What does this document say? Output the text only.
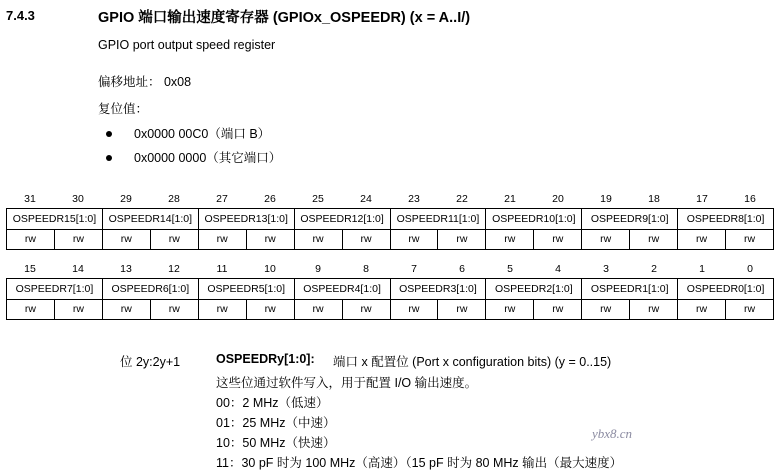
7.4.3	GPIO 端口输出速度寄存器 (GPIOx_OSPEEDR) (x = A..I/)
GPIO port output speed register
偏移地址： 0x08
复位值：
0x0000 00C0（端口 B）
0x0000 0000（其它端口）
31	30	29	28	27	26	25	24	23	22	21	20	19	18	17	16
OSPEEDR15[1:0]	OSPEEDR14[1:0]	OSPEEDR13[1:0]	OSPEEDR12[1:0]	OSPEEDR11[1:0]	OSPEEDR10[1:0]	OSPEEDR9[1:0]	OSPEEDR8[1:0]
rw	rw	rw	rw	rw	rw	rw	rw	rw	rw	rw	rw	rw	rw	rw	rw
15	14	13	12	11	10	9	8	7	6	5	4	3	2	1	0
OSPEEDR7[1:0]	OSPEEDR6[1:0]	OSPEEDR5[1:0]	OSPEEDR4[1:0]	OSPEEDR3[1:0]	OSPEEDR2[1:0]	OSPEEDR1[1:0]	OSPEEDR0[1:0]
rw	rw	rw	rw	rw	rw	rw	rw	rw	rw	rw	rw	rw	rw	rw	rw
位 2y:2y+1	OSPEEDRy[1:0]: 端口 x 配置位 (Port x configuration bits) (y = 0..15)
这些位通过软件写入，用于配置 I/O 输出速度。
00：2 MHz（低速）
01：25 MHz（中速）
10：50 MHz（快速）
11：30 pF 时为 100 MHz（高速）（15 pF 时为 80 MHz 输出（最大速度）
ybx8.cn
